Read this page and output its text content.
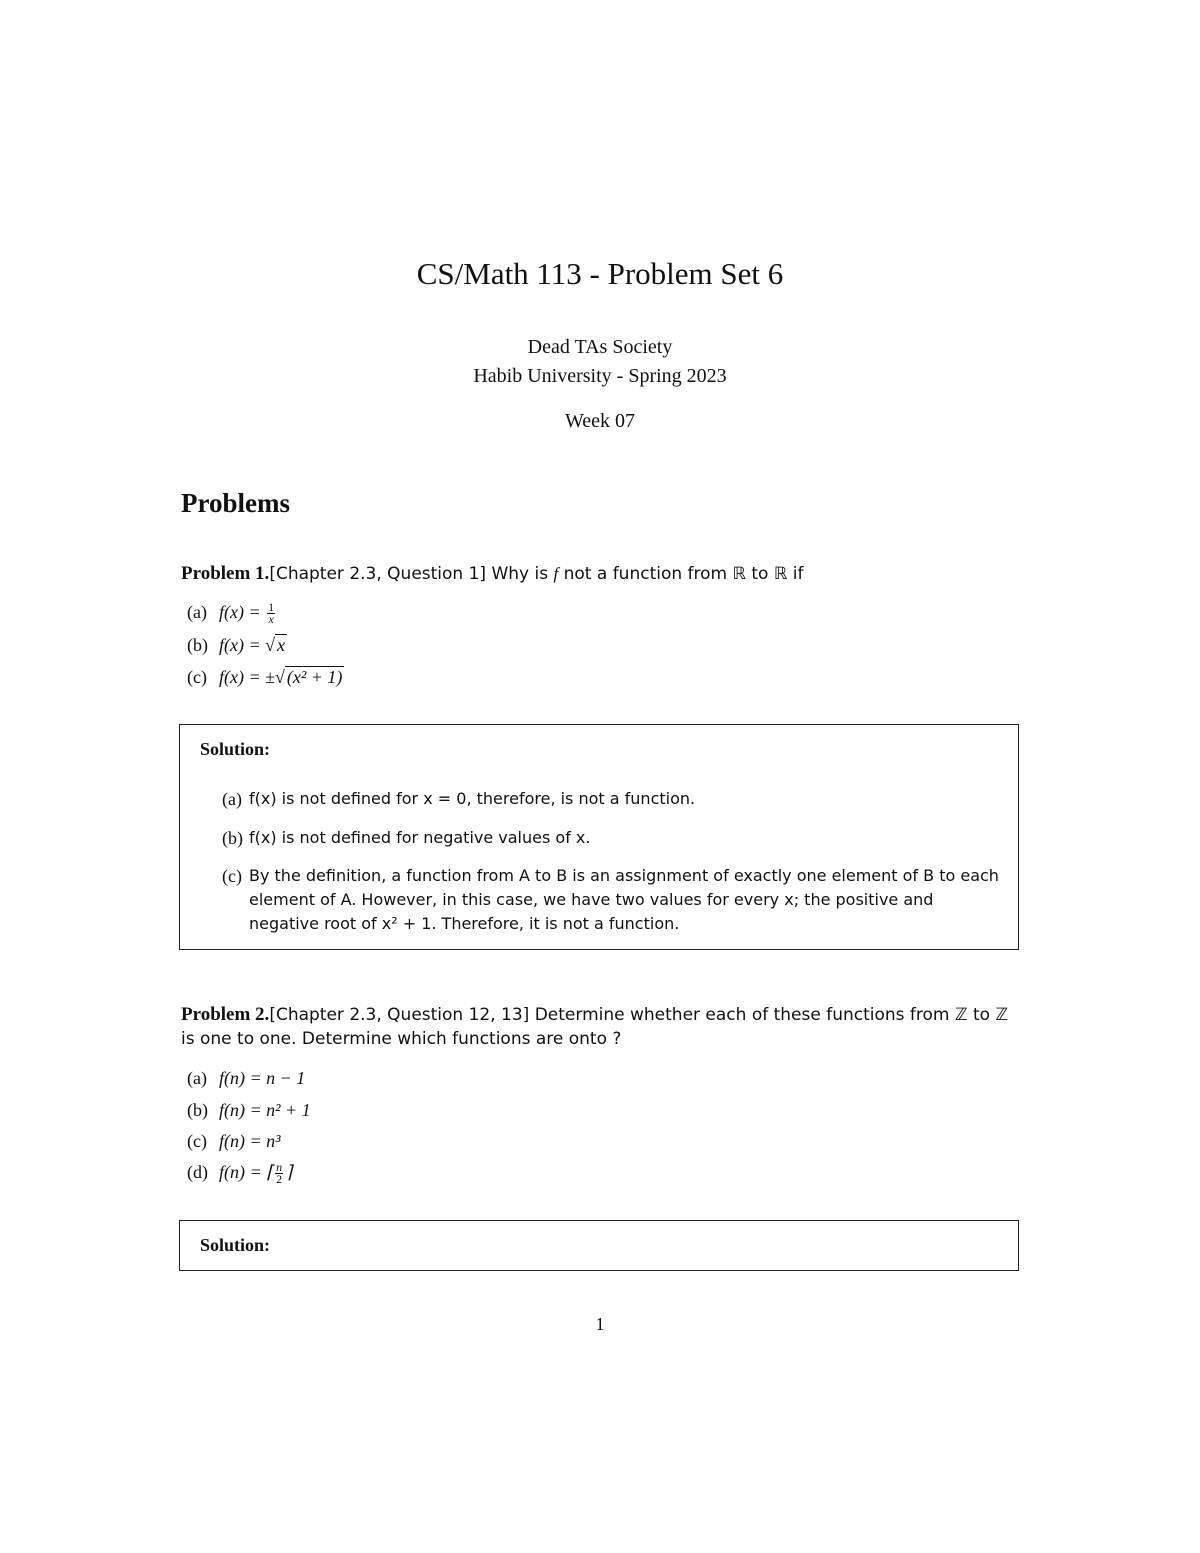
CS/Math 113 - Problem Set 6
Dead TAs Society
Habib University - Spring 2023
Week 07
Problems
Problem 1.[Chapter 2.3, Question 1] Why is f not a function from ℝ to ℝ if
(a) $f(x) = \frac{1}{x}$
(b) f(x) = √ x
(c) f(x) = ±√ (x² + 1)
Solution:
(a) f(x) is not defined for x = 0, therefore, is not a function.
(b) f(x) is not defined for negative values of x.
(c) By the definition, a function from A to B is an assignment of exactly one element of B to each element of A. However, in this case, we have two values for every x; the positive and negative root of x² + 1. Therefore, it is not a function.
Problem 2.[Chapter 2.3, Question 12, 13] Determine whether each of these functions from ℤ to ℤ is one to one. Determine which functions are onto ?
(a) f(n) = n − 1
(b) f(n) = n² + 1
(c) f(n) = n³
(d) f(n) = ⌈ $\frac{n}{2}$ ⌉
Solution:
1
